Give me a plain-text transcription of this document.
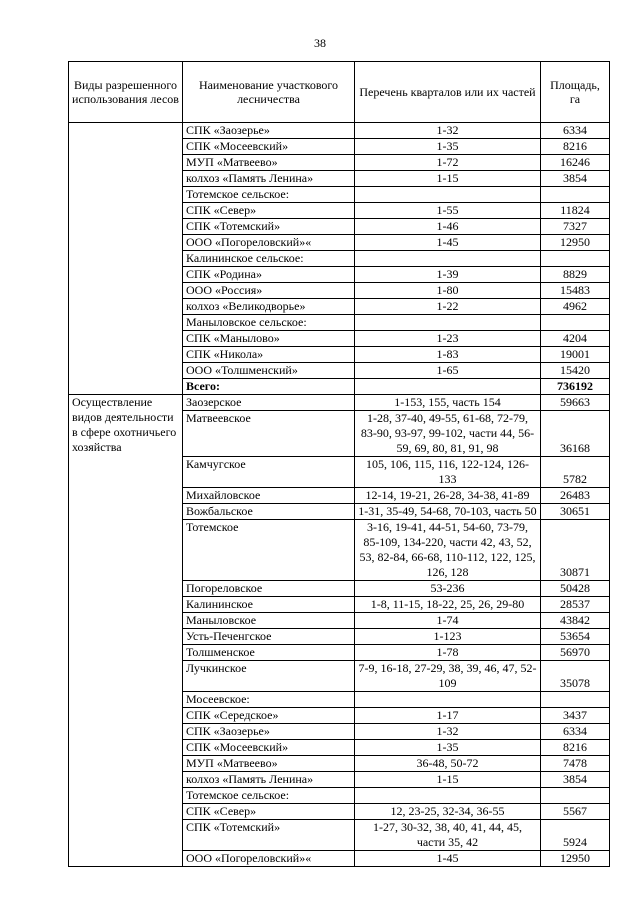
38
Виды разрешенного использования лесов	Наименование участкового лесничества	Перечень кварталов или их частей	Площадь, га
	СПК «Заозерье»	1-32	6334
	СПК «Мосеевский»	1-35	8216
	МУП «Матвеево»	1-72	16246
	колхоз «Память Ленина»	1-15	3854
	Тотемское сельское:		
	СПК «Север»	1-55	11824
	СПК «Тотемский»	1-46	7327
	ООО «Погореловский»«	1-45	12950
	Калининское сельское:		
	СПК «Родина»	1-39	8829
	ООО «Россия»	1-80	15483
	колхоз «Великодворье»	1-22	4962
	Маныловское сельское:		
	СПК «Манылово»	1-23	4204
	СПК «Никола»	1-83	19001
	ООО «Толшменский»	1-65	15420
	Всего:		736192
Осуществление видов деятельности в сфере охотничьего хозяйства	Заозерское	1-153, 155, часть 154	59663
	Матвеевское	1-28, 37-40, 49-55, 61-68, 72-79, 83-90, 93-97, 99-102, части 44, 56-59, 69, 80, 81, 91, 98	36168
	Камчугское	105, 106, 115, 116, 122-124, 126-133	5782
	Михайловское	12-14, 19-21, 26-28, 34-38, 41-89	26483
	Вожбальское	1-31, 35-49, 54-68, 70-103, часть 50	30651
	Тотемское	3-16, 19-41, 44-51, 54-60, 73-79, 85-109, 134-220, части 42, 43, 52, 53, 82-84, 66-68, 110-112, 122, 125, 126, 128	30871
	Погореловское	53-236	50428
	Калининское	1-8, 11-15, 18-22, 25, 26, 29-80	28537
	Маныловское	1-74	43842
	Усть-Печенгское	1-123	53654
	Толшменское	1-78	56970
	Лучкинское	7-9, 16-18, 27-29, 38, 39, 46, 47, 52-109	35078
	Мосеевское:		
	СПК «Середское»	1-17	3437
	СПК «Заозерье»	1-32	6334
	СПК «Мосеевский»	1-35	8216
	МУП «Матвеево»	36-48, 50-72	7478
	колхоз «Память Ленина»	1-15	3854
	Тотемское сельское:		
	СПК «Север»	12, 23-25, 32-34, 36-55	5567
	СПК «Тотемский»	1-27, 30-32, 38, 40, 41, 44, 45, части 35, 42	5924
	ООО «Погореловский»«	1-45	12950
